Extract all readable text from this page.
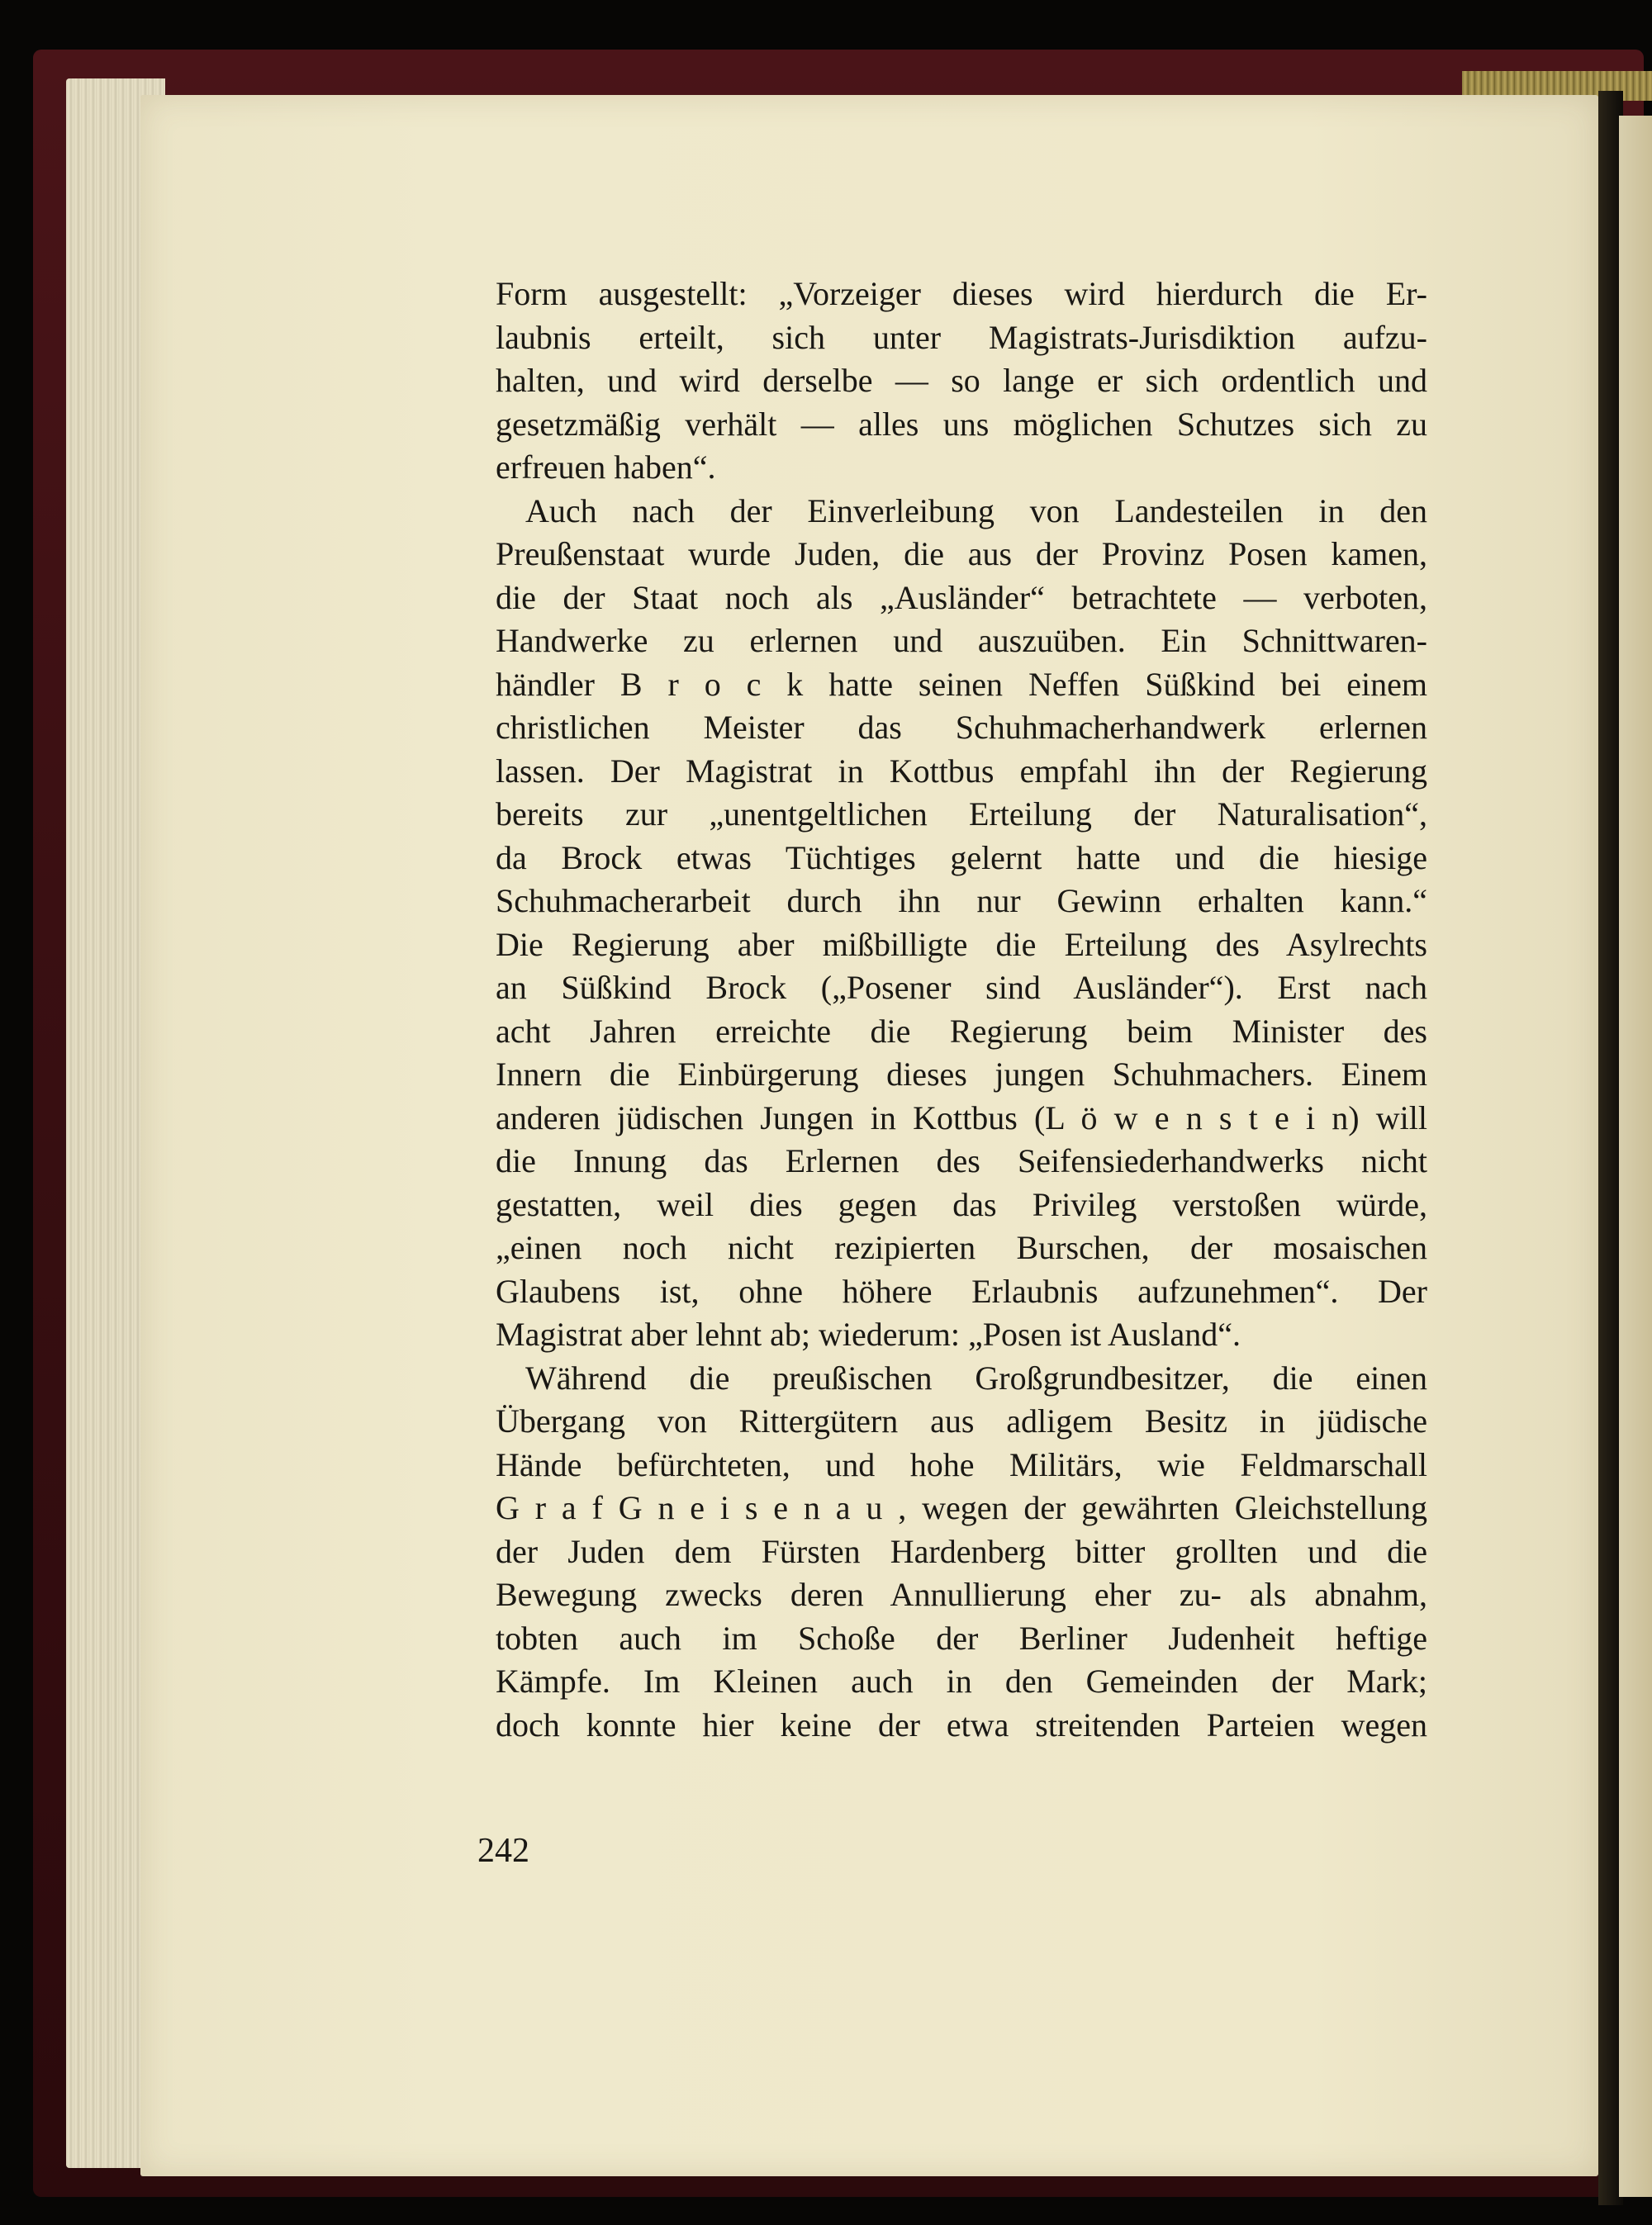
Form ausgestellt: „Vorzeiger dieses wird hierdurch die Er-

laubnis erteilt, sich unter Magistrats-Jurisdiktion aufzu-

halten, und wird derselbe — so lange er sich ordentlich und

gesetzmäßig verhält — alles uns möglichen Schutzes sich zu

erfreuen haben“.

Auch nach der Einverleibung von Landesteilen in den

Preußenstaat wurde Juden, die aus der Provinz Posen kamen,

die der Staat noch als „Ausländer“ betrachtete — verboten,

Handwerke zu erlernen und auszuüben. Ein Schnittwaren-

händler B r o c k hatte seinen Neffen Süßkind bei einem

christlichen Meister das Schuhmacherhandwerk erlernen

lassen. Der Magistrat in Kottbus empfahl ihn der Regierung

bereits zur „unentgeltlichen Erteilung der Naturalisation“,

da Brock etwas Tüchtiges gelernt hatte und die hiesige

Schuhmacherarbeit durch ihn nur Gewinn erhalten kann.“

Die Regierung aber mißbilligte die Erteilung des Asylrechts

an Süßkind Brock („Posener sind Ausländer“). Erst nach

acht Jahren erreichte die Regierung beim Minister des

Innern die Einbürgerung dieses jungen Schuhmachers. Einem

anderen jüdischen Jungen in Kottbus (L ö w e n s t e i n) will

die Innung das Erlernen des Seifensiederhandwerks nicht

gestatten, weil dies gegen das Privileg verstoßen würde,

„einen noch nicht rezipierten Burschen, der mosaischen

Glaubens ist, ohne höhere Erlaubnis aufzunehmen“. Der

Magistrat aber lehnt ab; wiederum: „Posen ist Ausland“.

Während die preußischen Großgrundbesitzer, die einen

Übergang von Rittergütern aus adligem Besitz in jüdische

Hände befürchteten, und hohe Militärs, wie Feldmarschall

G r a f G n e i s e n a u , wegen der gewährten Gleichstellung

der Juden dem Fürsten Hardenberg bitter grollten und die

Bewegung zwecks deren Annullierung eher zu- als abnahm,

tobten auch im Schoße der Berliner Judenheit heftige

Kämpfe. Im Kleinen auch in den Gemeinden der Mark;

doch konnte hier keine der etwa streitenden Parteien wegen

242
